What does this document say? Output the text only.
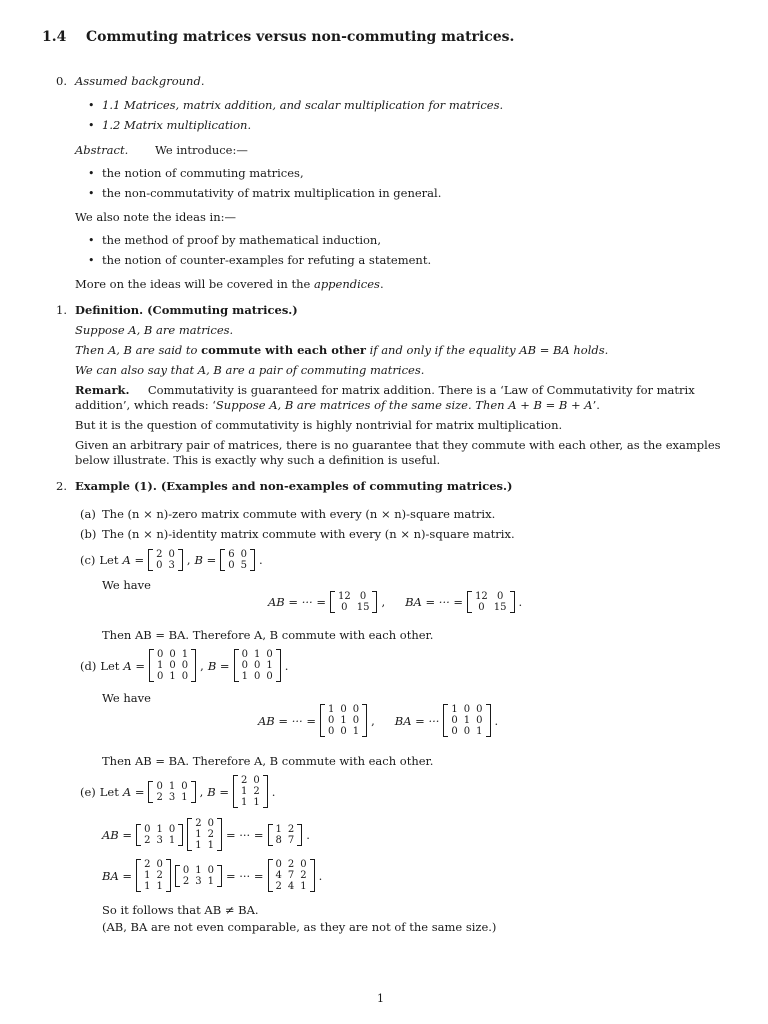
1.4 Commuting matrices versus non-commuting matrices.
0. Assumed background.
• 1.1 Matrices, matrix addition, and scalar multiplication for matrices.
• 1.2 Matrix multiplication.
Abstract. We introduce:—
• the notion of commuting matrices,
• the non-commutativity of matrix multiplication in general.
We also note the ideas in:—
• the method of proof by mathematical induction,
• the notion of counter-examples for refuting a statement.
More on the ideas will be covered in the appendices.
1. Definition. (Commuting matrices.)
Suppose A, B are matrices.
Then A, B are said to commute with each other if and only if the equality AB = BA holds.
We can also say that A, B are a pair of commuting matrices.
Remark. Commutativity is guaranteed for matrix addition. There is a ‘Law of Commutativity for matrix
addition’, which reads: ‘Suppose A, B are matrices of the same size. Then A + B = B + A’.
But it is the question of commutativity is highly nontrivial for matrix multiplication.
Given an arbitrary pair of matrices, there is no guarantee that they commute with each other, as the examples
below illustrate. This is exactly why such a definition is useful.
2. Example (1). (Examples and non-examples of commuting matrices.)
(a) The (n × n)-zero matrix commute with every (n × n)-square matrix.
(b) The (n × n)-identity matrix commute with every (n × n)-square matrix.
(c) Let A = 2	0
0	3 , B = 6	0
0	5 .
We have
AB = ··· = 12	0
0	15 , BA = ··· = 12	0
0	15 .
Then AB = BA. Therefore A, B commute with each other.
(d) Let A =
0	0	1
1	0	0
0	1	0
, B =
0	1	0
0	0	1
1	0	0
.
We have
AB = ··· =
1	0	0
0	1	0
0	0	1
, BA = ···
1	0	0
0	1	0
0	0	1
.
Then AB = BA. Therefore A, B commute with each other.
(e) Let A = 0	1	0
2	3	1 , B =
2	0
1	2
1	1
.
AB = 0	1	0
2	3	1
2	0
1	2
1	1
= ··· = 1	2
8	7 .
BA =
2	0
1	2
1	1
0	1	0
2	3	1 = ··· =
0	2	0
4	7	2
2	4	1
.
So it follows that AB ≠ BA.
(AB, BA are not even comparable, as they are not of the same size.)
1
